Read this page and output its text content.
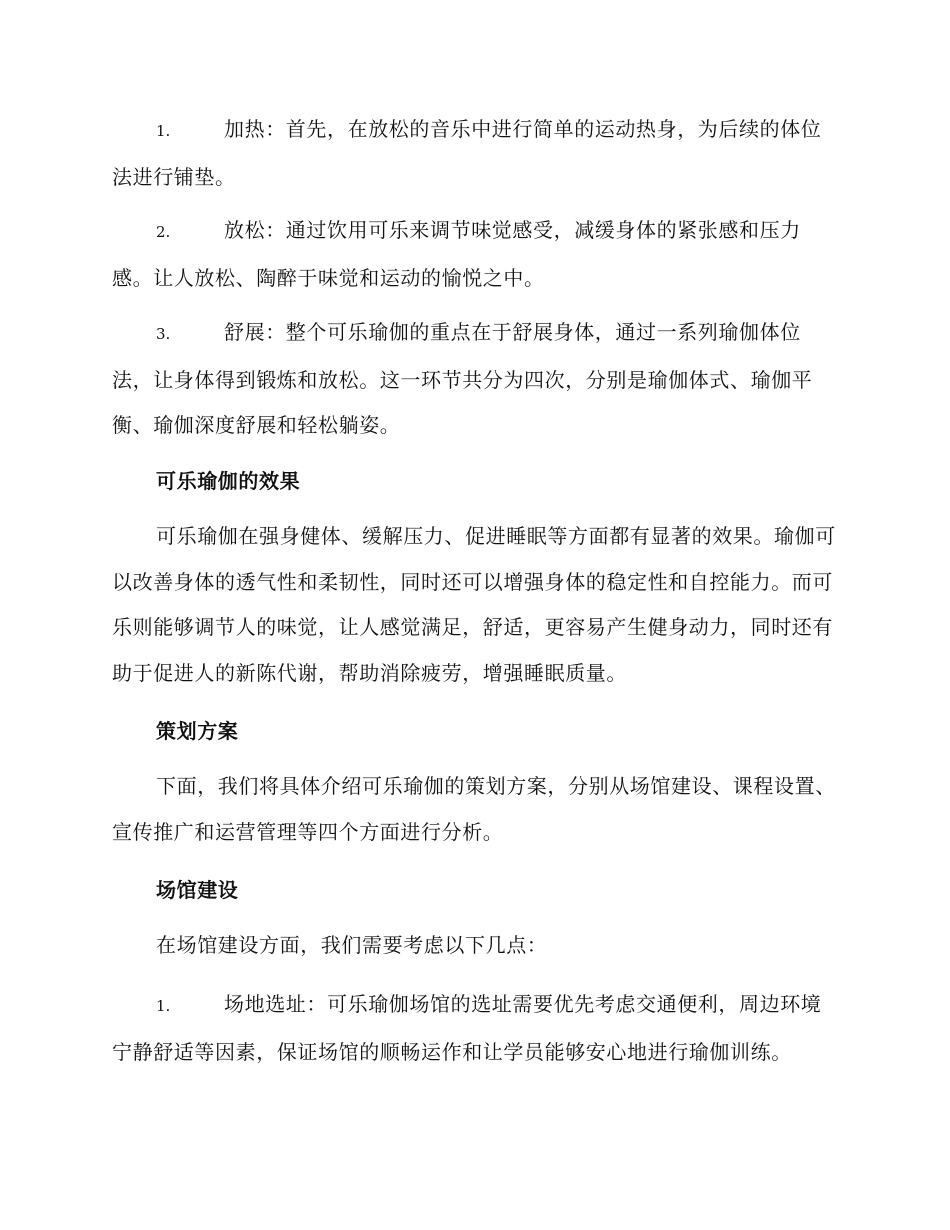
1.	加热：首先，在放松的音乐中进行简单的运动热身，为后续的体位法进行铺垫。

2.	放松：通过饮用可乐来调节味觉感受，减缓身体的紧张感和压力感。让人放松、陶醉于味觉和运动的愉悦之中。

3.	舒展：整个可乐瑜伽的重点在于舒展身体，通过一系列瑜伽体位法，让身体得到锻炼和放松。这一环节共分为四次，分别是瑜伽体式、瑜伽平衡、瑜伽深度舒展和轻松躺姿。

可乐瑜伽的效果

可乐瑜伽在强身健体、缓解压力、促进睡眠等方面都有显著的效果。瑜伽可以改善身体的透气性和柔韧性，同时还可以增强身体的稳定性和自控能力。而可乐则能够调节人的味觉，让人感觉满足，舒适，更容易产生健身动力，同时还有助于促进人的新陈代谢，帮助消除疲劳，增强睡眠质量。

策划方案

下面，我们将具体介绍可乐瑜伽的策划方案，分别从场馆建设、课程设置、宣传推广和运营管理等四个方面进行分析。

场馆建设

在场馆建设方面，我们需要考虑以下几点：

1.	场地选址：可乐瑜伽场馆的选址需要优先考虑交通便利，周边环境宁静舒适等因素，保证场馆的顺畅运作和让学员能够安心地进行瑜伽训练。
